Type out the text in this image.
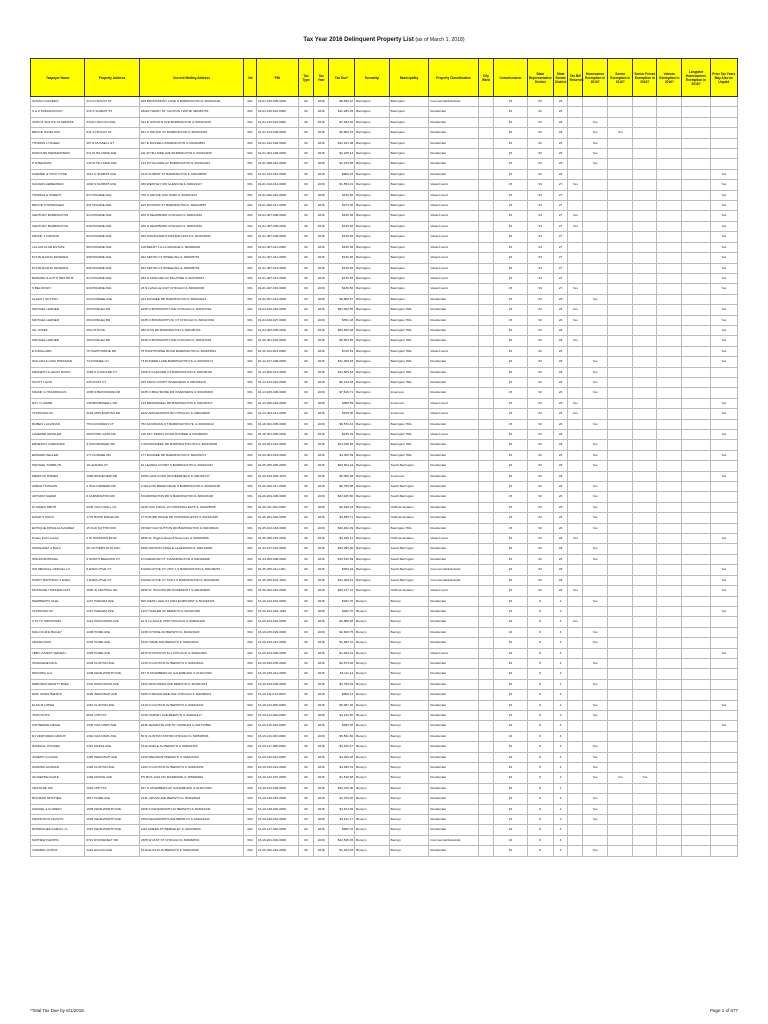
Tax Year 2016 Delinquent Property List (as of March 1, 2018)
Taxpayer Name	Property Address	Current Mailing Address	Vol	PIN	Tax Type	Tax Year	Tax Due*	Township	Municipality	Property Classification	City Ward	Commissioner	State Representative District	State Senate District	Tax Bill Returned	Homeowner Exemption in 2016?	Senior Exemption in 2016?	Senior Freeze Exemption in 2016?	Veteran Exemption in 2016?	Longtime Homeowners Exemption in 2016?	Prior Tax Years May Also be Unpaid
SUSAN CALDERO	214 S HOUGH ST	428 BROOKMONT LANE N BARRINGTON IL 600102100	001	01-01-100-009-0000	00	2016	$8,599.10	Barrington	Barrington	Commercial/Industrial		15	52	26							
S & Z STEFANOVICH	416 S SUMMIT ST	18220 HARDY ST CLINTON TWP MI 480381753	001	01-01-118-010-0000	00	2016	$11,935.25	Barrington	Barrington	Residential		15	52	26							
JOHN & SIGUTE OLSZEWSK	343 E LINCOLN AVE	343 E LINCOLN AVE BARRINGTON IL 600104478	001	01-01-119-016-0000	00	2016	$7,833.82	Barrington	Barrington	Residential		15	52	26		Yes					
BRUCE HAVELOCK	541 S HOUGH ST	541 S HOUGH ST BARRINGTON IL 600104425	001	01-01-124-008-0000	00	2016	$5,862.15	Barrington	Barrington	Residential		15	52	26		Yes	Yes				
THOMAS L HAGER	407 E RUSSELL ST	407 E RUSSELL BARRINGTON IL 600104854	001	01-01-212-028-0000	00	2016	$12,101.38	Barrington	Barrington	Residential		15	52	26		Yes					
MARYANN MERKEWINSKI	211 W HILLSIDE AVE	211 W HILLSIDE AVE BARRINGTON IL 600104225	001	01-01-304-028-0000	00	2016	$2,225.14	Barrington	Barrington	Residential		15	52	26		Yes					
P M BENSON	133 W HILLSIDE AVE	133 W HILLSIDE AV BARRINGTON IL 600104423	001	01-01-308-016-0000	00	2016	$1,975.58	Barrington	Barrington	Residential		15	52	26		Yes					
KARMEN & TONY HYDE	1014 N SUMMIT AVE	1014 SUMMIT ST BARRINGTON IL 600105050	001	01-01-314-010-0000	00	2016	$980.24	Barrington	Barrington	Residential		15	52	26							Yes
KALMAN LIEBERMAN	1040 N SUMMIT AVE	480 WESTLEY RD GLENCOE IL 600221117	001	01-01-314-014-0000	00	2016	$1,553.21	Barrington	Barrington	Vacant Land		15	54	27	Yes						Yes
THOMAS E SHEEHY	917 PRAIRIE AVE	738 S GROVE OAK PARK IL 603041123	001	01-01-406-010-0000	00	2016	$136.56	Barrington	Barrington	Vacant Land		15	54	27							Yes
BRUCE TOWNSAGER	931 PRAIRIE AVE	915 DIVISION ST BARRINGTON IL 600103087	001	01-01-406-017-0000	00	2016	$274.06	Barrington	Barrington	Vacant Land		15	54	27							Yes
CENTURY BARRINGTON	914 PRAIRIE AVE	200 N DEARBORN CHICAGO IL 606011616	001	01-01-407-008-0000	00	2016	$136.56	Barrington	Barrington	Vacant Land		15	54	27	Yes						Yes
CENTURY BARRINGTON	918 PRAIRIE AVE	200 N DEARBORN CHICAGO IL 606011616	001	01-01-407-009-0000	00	2016	$136.56	Barrington	Barrington	Vacant Land		15	54	27	Yes						Yes
FRANK J CARSON	923 PRAIRIE AVE	920 WOODLAWN HOFFMAN ESTS IL 601691840	001	01-01-407-008-0000	00	2016	$136.56	Barrington	Barrington	Vacant Land		15	54	27							Yes
LILLIAN KLAR ESTATE	884 PRAIRIE AVE	118 BEILBY LA LA GRANGE IL 600000000	001	01-01-407-011-0000	00	2016	$136.56	Barrington	Barrington	Vacant Land		15	54	27							Yes
M S BUILDING MATERIAL	908 PRAIRIE AVE	933 SETON CT WHEELING IL 600905754	001	01-01-407-012-0000	00	2016	$136.56	Barrington	Barrington	Vacant Land		15	54	27							Yes
M S BUILDING MATERIAL	906 PRAIRIE AVE	933 SETON CT WHEELING IL 600905754	001	01-01-407-013-0000	00	2016	$136.56	Barrington	Barrington	Vacant Land		15	54	27							Yes
EDWARD & RUTH HESTRUP	914 PRAIRIE AVE	284 N ASHLAND AV PALATINE IL 600745463	001	01-01-407-014-0000	00	2016	$136.56	Barrington	Barrington	Vacant Land		15	54	27							Yes
S BELOFSKY	918 PRAIRIE AVE	23 N LASALLE 2107 CHICAGO IL 606022003	001	01-01-407-015-0000	00	2016	$136.56	Barrington	Barrington	Vacant Land		15	54	27	Yes						Yes
ALLEN J SUTTON	223 DUNDEE AVE	223 DUNDEE RD BARRINGTON IL 600104214	001	01-02-207-014-0000	00	2016	$6,888.57	Barrington	Barrington	Residential		15	52	26		Yes					
MICHAEL LERNER	200 DONLEA RD	1635 N BOSWORTH AVE CHICAGO IL 606427262	001	01-04-100-018-0000	00	2016	$51,092.55	Barrington	Barrington Hills	Residential		15	52	26	Yes						Yes
MICHAEL LERNER	284 DONLEA RD	1635 N BOSWORTH AV CT CHICAGO IL 606427262	001	01-04-100-027-0000	00	2016	$351.18	Barrington	Barrington Hills	Residential		15	52	26	Yes						Yes
GIL JOSEF	250 OTIS RD	250 OTIS RD BARRINGTON IL 600105124	001	01-04-402-005-0000	00	2016	$25,810.48	Barrington	Barrington Hills	Residential		15	52	26							Yes
MICHAEL LERNER	180 DONLEA RD	1635 N BOSWORTH AVE CHICAGO IL 606427262	001	01-05-401-004-0000	00	2016	$5,563.55	Barrington	Barrington Hills	Residential		15	52	26	Yes						Yes
E A BALLARD	75 HAWTHORNE RD	75 HAWTHORNE ROAD BARRINGTON IL 600105521	001	01-11-104-004-0000	00	2016	$720.61	Barrington	Barrington Hills	Vacant Land		15	52	26							Yes
WILLIAM & GINA HOFFMAN	73 DUNDEE LN	73 DUNDEE LANE BARRINGTON HL IL 600105174	001	01-12-107-008-0000	00	2016	$11,309.63	Barrington	Barrington Hills	Residential		15	52	26		Yes					Yes
KENNETH & LEIGH RUSIN	1459 S CASCADE CT	1459 S CASCADE CT BARRINGTON IL 600105161	001	01-13-206-014-0000	00	2016	$12,585.63	Barrington	Barrington Hills	Residential		15	52	26		Yes					
SCOTT LAVIN	225 KNOX CT	225 KNOX COURT INVERNESS IL 600106416	001	01-13-103-001-0000	00	2016	$5,143.03	Barrington	Barrington Hills	Residential		15	52	26		Yes					
FRANK G HOUMPAVLIS	1635 N BRAYMORE DR	1635 N BRAYMORE DR INVERNESS IL 600106406	001	01-13-105-008-0000	00	2016	$7,616.71	Barrington	Inverness	Residential		15	52	26		Yes					
RAY J LAWNE	136 BRAMSWELL RD	136 BRAMSWELL RD BARRINGTON IL 600105417	001	01-13-206-029-0000	00	2016	$389.59	Barrington	Inverness	Vacant Land		15	52	26	Yes						Yes
TAXPAYER OF	2222 APPLECROSS RD	2222 APPLECROSS RD CHICAGO IL 606040000	001	01-13-403-014-0000	00	2016	$159.00	Barrington	Inverness	Vacant Land		15	52	26	Yes						Yes
RUBEN L ALVARAN	753 GOODMAN CT	753 GOODMAN CT BARRINGTON HL IL 600100212	001	01-18-301-005-0000	00	2016	$9,570.42	Barrington	Barrington Hills	Residential		15	52	26		Yes					
LAVERNE KESSLER	259 POND GATE DR	218 SKY PENNY ROAD DUNDEE IL 601180000	001	01-18-301-006-0000	00	2016	$436.29	Barrington	Barrington Hills	Vacant Land		15	52	26							Yes
ERNESTO CARRANZA	3 WOODCREEK RD	3 WOODCREEK RD BARRINGTON HLS IL 600105082	001	01-20-201-010-0000	00	2016	$14,018.56	Barrington	Barrington Hills	Residential		15	52	26		Yes					
EDWARD ZELLER	177 DUNDEE RD	177 DUNDEE RD BARRINGTON IL 600105271	001	01-20-401-019-0000	00	2016	$4,050.59	Barrington	Barrington Hills	Residential		15	52	26		Yes					Yes
MICHAEL TOMBLYN	10 LEANDA CT	10 LEANDA COURT S BARRINGTON IL 600102347	001	01-25-205-005-0000	00	2016	$20,654.44	Barrington	South Barrington	Residential		15	52	26		Yes					
MERITUS HOMES	1080 RIDGEVIEW DR	1050 LAKE COOK RD DEERFIELD IL 600154747	001	01-26-100-009-1070	00	2016	$5,059.28	Barrington	Inverness	Residential		15	52	26							Yes
AKBAR HUSSAIN	2 WILLOWMERE DR	2 WILLOW MERE DRIVE S BARRINGTON IL 600106108	001	01-26-200-017-0000	00	2016	$9,756.88	Barrington	South Barrington	Residential		15	52	26		Yes					
ARTURO SAENZ	8 FARMINGTON RD	8 FARMINGTON RD S BARRINGTON IL 600106100	001	01-26-204-008-0000	00	2016	$23,945.80	Barrington	South Barrington	Residential		15	52	26		Yes					
M JAMES SMITH	4245 OAK KNOLL LN	4245 OAK KNOLL LN HOFFMAN ESTS IL 601925008	001	01-26-411-002-0000	00	2016	$2,648.24	Barrington	Hoffman Estates	Residential		15	52	26		Yes					
DAVID S KNOX	1770 BURR RIDGE DR	1770 BURR RIDGE DR HOFFMAN ESTS IL 601921515	001	01-35-201-002-0000	00	2016	$3,838.71	Barrington	Hoffman Estates	Residential		15	52	26		Yes					
ENTIQUE ROSALIA ALVAREZ	15 OLD SUTTON RD	15HAIP OLD SUTTON RD BARRINGTON IL 600106024	001	01-35-102-018-0000	00	2016	$16,462.29	Barrington	Barrington Hills	Residential		15	52	26		Yes					
Prairie Point Center	2 W HOFFMAN BLVD	9355 W. Higgins Road # Rosemont IL 600184695	001	01-35-305-015-0000	00	2016	$4,949.12	Barrington	Hoffman Estates	Vacant Land		15	52	26	Yes						Yes
MARGARET A BALA	26 CUTTERS RUN SOU	4400 WATSON CIRCLE LAKEWOOD IL 600142050	001	01-34-107-001-0000	00	2016	$33,295.60	Barrington	South Barrington	Residential		15	52	26		Yes					
SHILPA BOPPANA	9 NORTH MEADOW CT	9 N MEADOW CT S BARRINGTON IL 600106268	001	01-34-205-008-0000	00	2016	$15,619.59	Barrington	South Barrington	Residential		15	52	26		Yes					
SW MEDICAL OFFICE LLC	8 EXECUTIVE CT	8 EXECUTIVE CT UNIT 1 S BARRINGTON IL 600109251	001	01-35-205-011-1001	00	2016	$453.24	Barrington	South Barrington	Commercial/Industrial		15	52	26							Yes
HAPPY BIRTHDAY 2 EXEC	1 EXECUTIVE CT	8 EXECUTIVE CT STE 2 S BARRINGTON IL 600109203	001	01-35-206-032-1002	00	2016	$12,209.41	Barrington	South Barrington	Commercial/Industrial		15	52	26							Yes
MCSHANE HOFFMAN EST	1600 W CENTRAL RD	9550 W. HIGGINS RD ROSEMONT IL 600184695	001	01-36-402-022-0000	00	2016	$25,377.12	Barrington	Hoffman Estates	Vacant Land		15	52	26	Yes						Yes
HERIBERTO VALE	1227 HARLEM AVE	500 WEST LAKE ST #304 ELMHURST IL 601263333	002	16-19-104-001-0000	00	2016	$262.70	Berwyn	Berwyn	Residential		16	8	4		Yes					
TAXPAYER OF	1227 HARLEM AVE	1227 HARLEM AV BERWYN IL 604021006	002	16-19-104-001-1040	00	2016	$262.70	Berwyn	Berwyn	Residential		16	8	4							Yes
CTS TC 6002072981	1214 WISCONSIN AVE	10 S LA SALLE 2750 CHICAGO IL 606031108	002	16-19-104-004-0000	00	2016	$2,888.28	Berwyn	Berwyn	Residential		16	8	4	Yes						
MALCOLM E BAILEY	1238 HOME AVE	1238 S HOME AV BERWYN IL 604021023	002	16-19-105-029-0000	00	2016	$2,608.75	Berwyn	Berwyn	Residential		16	8	4		Yes					
CESAR RIOS	1232 HOME AVE	1232 HOME AVE BERWYN IL 604021023	002	16-19-105-027-0000	00	2016	$1,583.31	Berwyn	Berwyn	Residential		16	8	4		Yes					
LBMC INVEST SERIES I	1225 HOME AVE	2615 W DIVISION FL1 CHICAGO IL 606222601	002	16-19-104-006-0000	00	2016	$1,284.21	Berwyn	Berwyn	Vacant Land		16	8	4							Yes
SHARLENE PAUL	1233 CLINTON AVE	1233 S CLINTON AV BERWYN IL 604021021	002	16-19-106-035-0000	00	2016	$2,873.40	Berwyn	Berwyn	Residential		16	8	4		Yes					
RIDOOPA LLC	1238 KENILWORTH AVE	157 N CHAMBERS AV GALESBURG IL 614017063	002	16-19-105-041-0000	00	2016	$3,111.14	Berwyn	Berwyn	Residential		16	8	4							
DEBORAH DEWITT BAEZ	1344 WISCONSIN AVE	1344 WISCONSIN AVE BERWYN IL 604021253	002	16-19-109-036-0000	00	2016	$2,750.49	Berwyn	Berwyn	Residential		16	8	4		Yes					
DMC INVESTMENTS	1229 WENONAH AVE	6105 N MILWAUKEE AVE CHICAGO IL 606460921	002	16-19-111-014-0000	00	2016	$966.14	Berwyn	Berwyn	Residential		16	8	4							
ELSA M LOPEZ	1310 CLINTON AVE	1310 S CLINTON AV BERWYN IL 604021231	002	16-19-113-005-0000	00	2016	$5,087.36	Berwyn	Berwyn	Residential		16	8	4		Yes					Yes
JOHN SOTO	6834 13TH ST	1046 HARVEY AVE BERWYN IL 604021417	002	16-19-114-009-0000	00	2016	$4,120.50	Berwyn	Berwyn	Residential		16	8	4		Yes					
KATHERINE RIDGE	1336 OAK PARK AVE	1836 JEANETTE AVE ST CHARLES IL 601744690	002	16-19-115-029-0000	00	2016	$483.35	Berwyn	Berwyn	Residential		16	8	4							Yes
RJ VENTURES GROUP	1342 OAK PARK AVE	50 N CLINTON ST#700 CHICAGO IL 606546506	002	16-19-116-003-0000	00	2016	$5,561.82	Berwyn	Berwyn	Residential		16	8	4							
RANDALL HOUSEK	1412 MAPLE AVE	1412 MAPLE AV BERWYN IL 604021253	002	16-19-117-008-0000	00	2016	$4,420.47	Berwyn	Berwyn	Residential		16	8	4		Yes					
JOSEPH G KANIA	1429 WENONAH AVE	1429 WENONAH BERWYN IL 604021260	002	16-19-119-014-0000	00	2016	$4,200.28	Berwyn	Berwyn	Residential		16	8	4		Yes					
SANDRA GUZMAN	1404 CLINTON AVE	1404 S CLINTON AV BERWYN IL 604021252	002	16-19-125-021-0000	00	2016	$4,496.31	Berwyn	Berwyn	Residential		16	8	4		Yes					
GIUSEPPE AGATE	1404 GROVE AVE	PO BOX 1222 NO RIVERSIDE IL 605460822	002	16-19-122-007-0000	00	2016	$1,518.68	Berwyn	Berwyn	Residential		16	8	4		Yes	Yes	Yes			
VESTA RE INC	7001 16TH ST	157 N CHAMBERS AV GALESBURG IL 614017063	002	16-19-124-028-0000	00	2016	$10,076.06	Berwyn	Berwyn	Residential		16	8	4							
RICHARD MITCHELL	1517 HOME AVE	2131 GROVE AVE BERWYN IL 604023024	002	16-19-126-015-0000	00	2016	$1,079.20	Berwyn	Berwyn	Residential		16	8	4		Yes					
SAMUEL A GUZMAN	1505 KENILWORTH AVE	1505 S KENILWORTH AV BERWYN IL 604021240	002	16-19-128-020-0000	00	2016	$4,974.69	Berwyn	Berwyn	Residential		16	8	4		Yes					
FRANCISCO FAUSTO	1503 KENILWORTH AVE	1503 KENILWORTH AVE BERWYN IL 604021240	002	16-19-128-032-0000	00	2016	$4,811.17	Berwyn	Berwyn	Residential		16	8	4		Yes					
RODRIGUEZ GARCIA J L	1521 KENILWORTH AVE	1116 GREEN ST BERKELEY IL 601630000	002	16-19-127-040-0000	00	2016	$666.70	Berwyn	Berwyn	Residential		16	8	4							
MATHEW KEDHTA	6721 ROOSEVELT RD	2305 W 21ST ST CHICAGO IL 606082531	002	16-19-201-002-0000	00	2016	$12,545.45	Berwyn	Berwyn	Commercial/Industrial		16	8	4							
CARMEN OCHOA	1219 EUCLID AVE	1219 EUCLID AV BERWYN IL 604021008	002	16-19-202-016-0000	00	2016	$1,203.03	Berwyn	Berwyn	Residential		16	8	4		Yes					
*Total Tax Due by 6/1/2018.	Page 1 of 677
